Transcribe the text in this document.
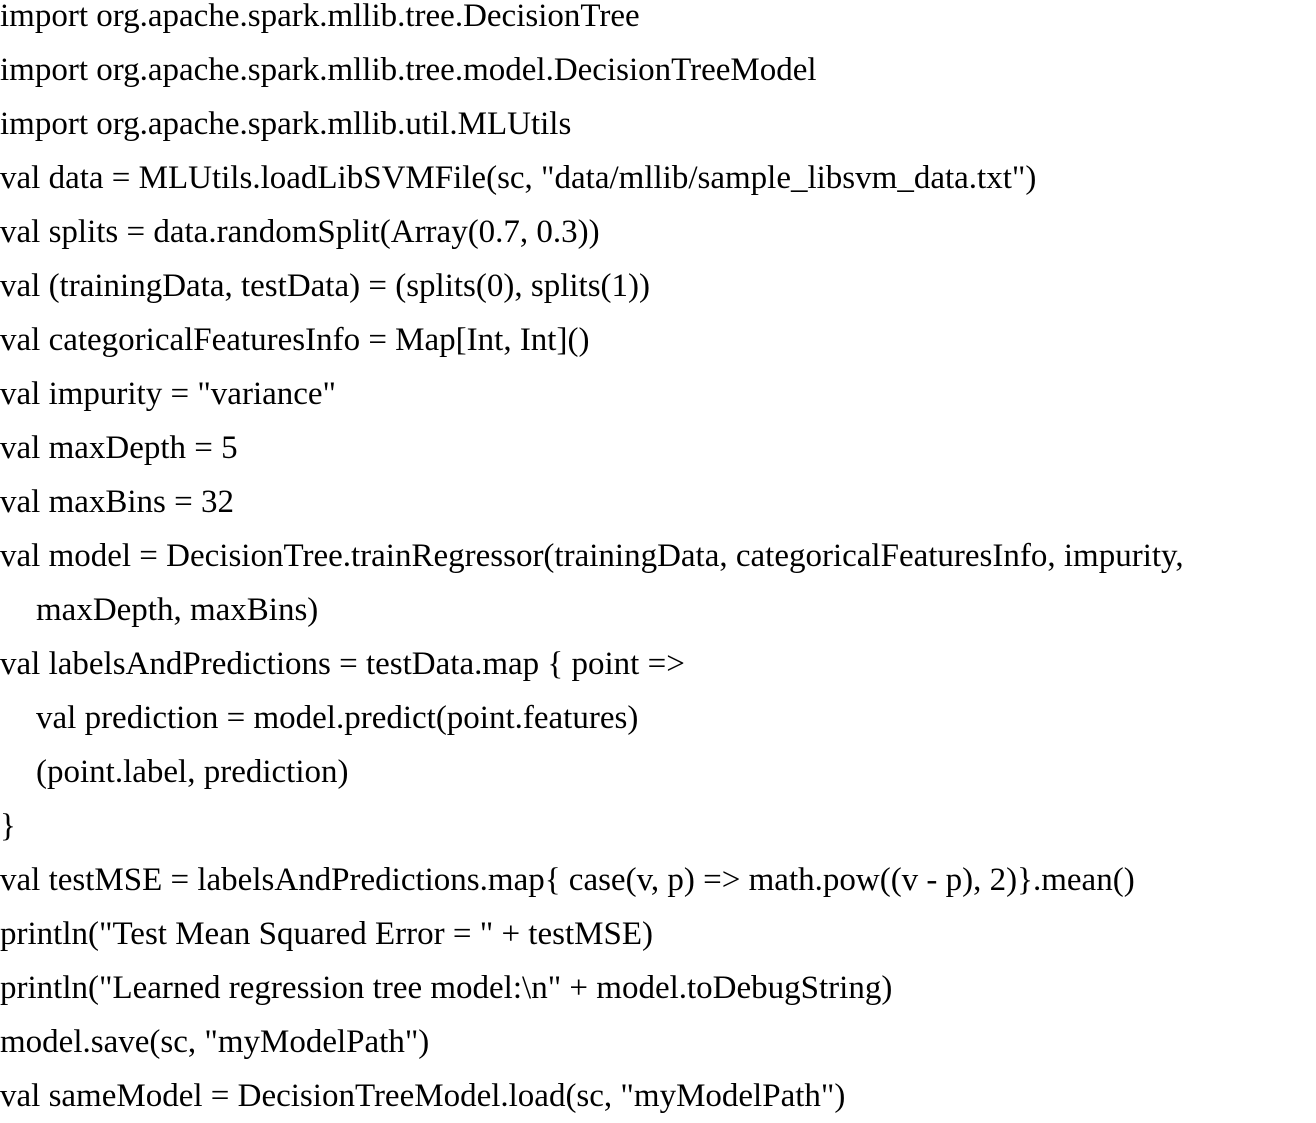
import org.apache.spark.mllib.tree.DecisionTree
import org.apache.spark.mllib.tree.model.DecisionTreeModel
import org.apache.spark.mllib.util.MLUtils
val data = MLUtils.loadLibSVMFile(sc, "data/mllib/sample_libsvm_data.txt")
val splits = data.randomSplit(Array(0.7, 0.3))
val (trainingData, testData) = (splits(0), splits(1))
val categoricalFeaturesInfo = Map[Int, Int]()
val impurity = "variance"
val maxDepth = 5
val maxBins = 32
val model = DecisionTree.trainRegressor(trainingData, categoricalFeaturesInfo, impurity,
maxDepth, maxBins)
val labelsAndPredictions = testData.map { point =>
val prediction = model.predict(point.features)
(point.label, prediction)
}
val testMSE = labelsAndPredictions.map{ case(v, p) => math.pow((v - p), 2)}.mean()
println("Test Mean Squared Error = " + testMSE)
println("Learned regression tree model:\n" + model.toDebugString)
model.save(sc, "myModelPath")
val sameModel = DecisionTreeModel.load(sc, "myModelPath")
